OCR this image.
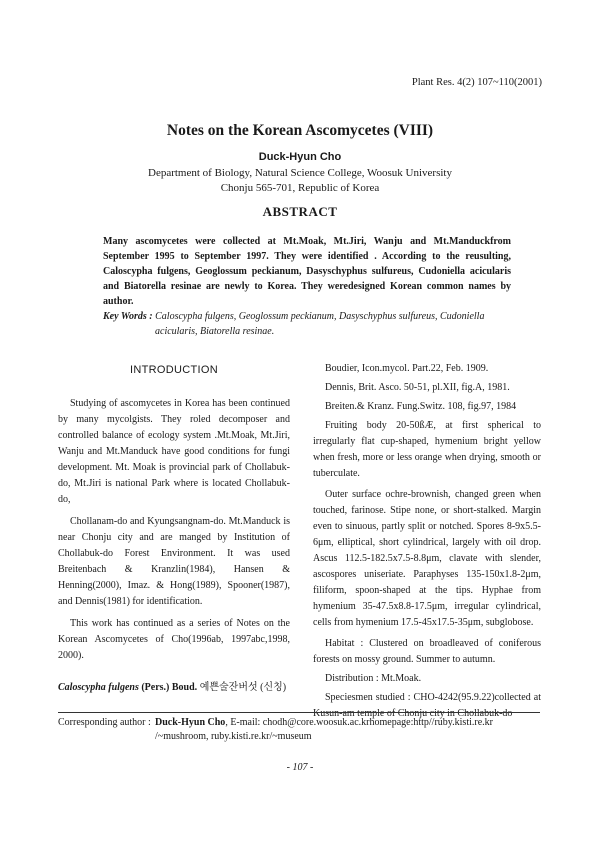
Plant Res. 4(2) 107~110(2001)
Notes on the Korean Ascomycetes (VIII)
Duck-Hyun Cho
Department of Biology, Natural Science College, Woosuk University
Chonju 565-701, Republic of Korea
ABSTRACT
Many ascomycetes were collected at Mt.Moak, Mt.Jiri, Wanju and Mt.Manduckfrom September 1995 to September 1997. They were identified . According to the reusulting, Caloscypha fulgens, Geoglossum peckianum, Dasyschyphus sulfureus, Cudoniella acicularis and Biatorella resinae are newly to Korea. They weredesigned Korean common names by author.
Key Words : Caloscypha fulgens, Geoglossum peckianum, Dasyschyphus sulfureus, Cudoniella
acicularis, Biatorella resinae.
INTRODUCTION

Studying of ascomycetes in Korea has been continued by many mycolgists. They roled decomposer and controlled balance of ecology system .Mt.Moak, Mt.Jiri, Wanju and Mt.Manduck have good conditions for fungi development. Mt. Moak is provincial park of Chollabuk-do, Mt.Jiri is national Park where is located Chollabuk-do,

Chollanam-do and Kyungsangnam-do. Mt.Manduck is near Chonju city and are manged by Institution of Chollabuk-do Forest Environment. It was used Breitenbach & Kranzlin(1984), Hansen & Henning(2000), Imaz. & Hong(1989), Spooner(1987), and Dennis(1981) for identification.

This work has continued as a series of Notes on the Korean Ascomycetes of Cho(1996ab, 1997abc,1998, 2000).

Caloscypha fulgens (Pers.) Boud. 예쁜술잔버섯 (신칭)

Boudier, Icon.mycol. Part.22, Feb. 1909.

Dennis, Brit. Asco. 50-51, pl.XII, fig.A, 1981.

Breiten.& Kranz. Fung.Switz. 108, fig.97, 1984

Fruiting body 20-50ßÆ, at first spherical to irregularly flat cup-shaped, hymenium bright yellow when fresh, more or less orange when drying, smooth or tuberculate.

Outer surface ochre-brownish, changed green when touched, farinose. Stipe none, or short-stalked. Margin even to sinuous, partly split or notched. Spores 8-9x5.5-6μm, elliptical, short cylindrical, largely with oil drop. Ascus 112.5-182.5x7.5-8.8μm, clavate with slender, ascospores uniseriate. Paraphyses 135-150x1.8-2μm, filiform, spoon-shaped at the tips. Hyphae from hymenium 35-47.5x8.8-17.5μm, irregular cylindrical, cells from hymenium 17.5-45x17.5-35μm, subglobose.

Habitat : Clustered on broadleaved of coniferous forests on mossy ground. Summer to autumn.

Distribution : Mt.Moak.

Speciesmen studied : CHO-4242(95.9.22)collected at Kusun-am temple of Chonju city in Chollabuk-do

Corresponding author : Duck-Hyun Cho, E-mail: chodh@core.woosuk.ac.krhomepage:http//ruby.kisti.re.kr
/~mushroom, ruby.kisti.re.kr/~museum
- 107 -
